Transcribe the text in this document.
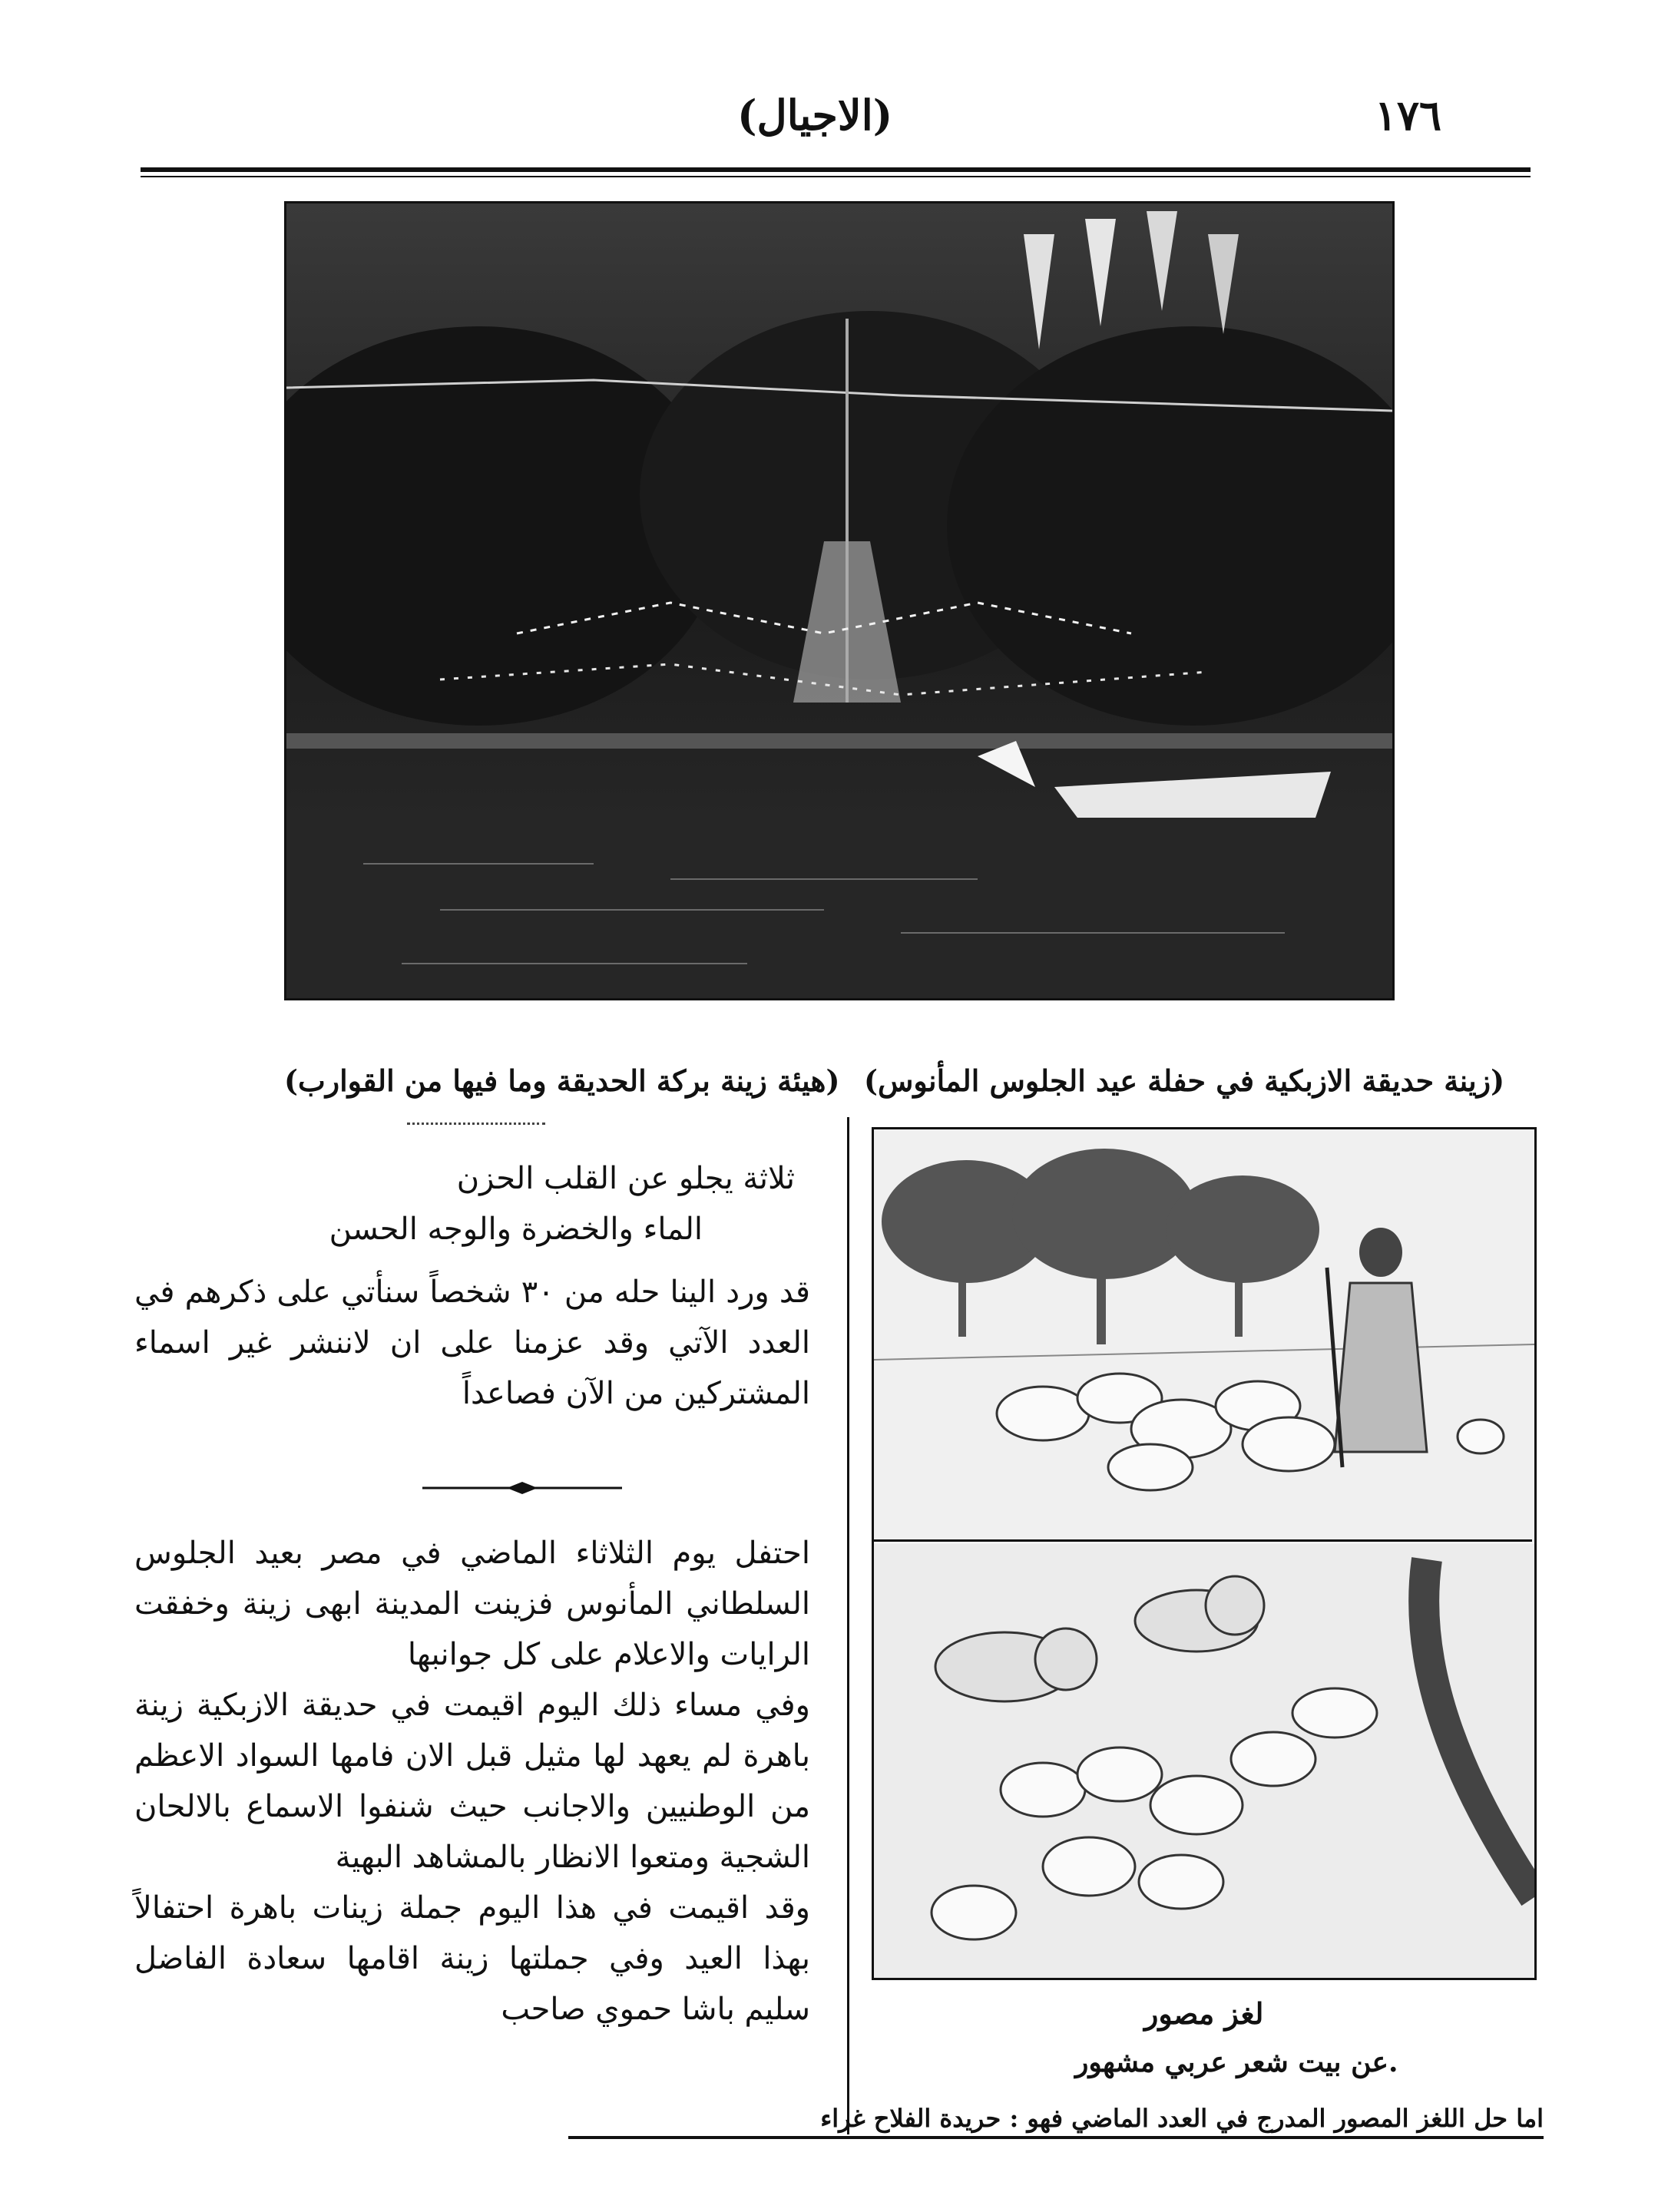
(الاجيال)	١٧٦
(زينة حديقة الازبكية في حفلة عيد الجلوس المأنوس)
(هيئة زينة بركة الحديقة وما فيها من القوارب)
لغز مصور
.عن بيت شعر عربي مشهور
ثلاثة يجلو عن القلب الحزن
الماء والخضرة والوجه الحسن

قد ورد الينا حله من ٣٠ شخصاً سنأتي على ذكرهم في العدد الآتي وقد عزمنا على ان لاننشر غير اسماء المشتركين من الآن فصاعداً

احتفل يوم الثلاثاء الماضي في مصر بعيد الجلوس السلطاني المأنوس فزينت المدينة ابهى زينة وخفقت الرايات والاعلام على كل جوانبها

وفي مساء ذلك اليوم اقيمت في حديقة الازبكية زينة باهرة لم يعهد لها مثيل قبل الان فامها السواد الاعظم من الوطنيين والاجانب حيث شنفوا الاسماع بالالحان الشجية ومتعوا الانظار بالمشاهد البهية

وقد اقيمت في هذا اليوم جملة زينات باهرة احتفالاً بهذا العيد وفي جملتها زينة اقامها سعادة الفاضل سليم باشا حموي صاحب

اما حل اللغز المصور المدرج في العدد الماضي فهو : حريدة الفلاح غراء
